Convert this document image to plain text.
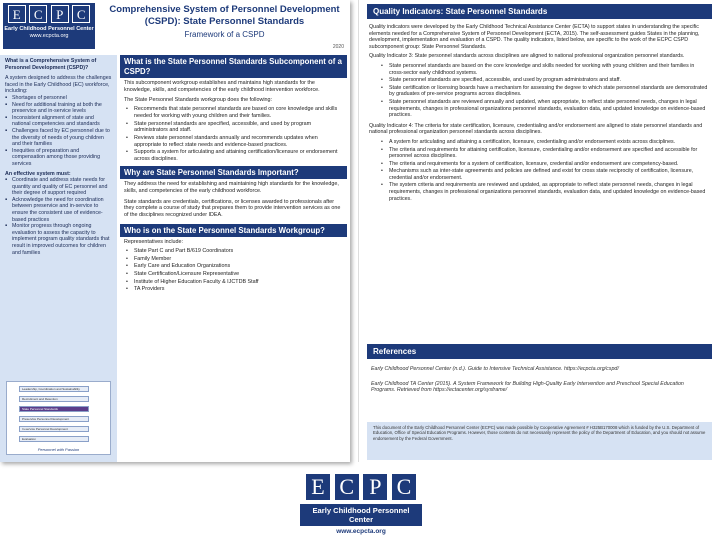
E	C	P	C
Early Childhood Personnel Center
www.ecpcta.org
Comprehensive System of Personnel Development (CSPD): State Personnel Standards
Framework of a CSPD
2020
What is a Comprehensive System of Personnel Development (CSPD)?
A system designed to address the challenges faced in the Early Childhood (EC) workforce, including:
▪ Shortages of personnel
▪ Need for additional training at both the preservice and in-service levels
▪ Inconsistent alignment of state and national competencies and standards
▪ Challenges faced by EC personnel due to the diversity of needs of young children and their families
▪ Inequities of preparation and compensation among those providing services
An effective system must:
▪ Coordinate and address state needs for quantity and quality of EC personnel and their degree of support required
▪ Acknowledge the need for coordination between preservice and in-service to ensure the consistent use of evidence-based practices
▪ Monitor progress through ongoing evaluation to assess the capacity to implement program quality standards that result in improved outcomes for children and families
Leadership, Coordination and Sustainability
Recruitment and Retention
State Personnel Standards
Preservice Personnel Development
In-service Personnel Development
Evaluation
Personnel with Passion
What is the State Personnel Standards Subcomponent of a CSPD?
This subcomponent workgroup establishes and maintains high standards for the knowledge, skills, and competencies of the early childhood intervention workforce.
The State Personnel Standards workgroup does the following:
• Recommends that state personnel standards are based on core knowledge and skills needed for working with young children and their families.
• State personnel standards are specified, accessible, and used by program administrators and staff.
• Reviews state personnel standards annually and recommends updates when appropriate to reflect state needs and evidence-based practices.
• Supports a system for articulating and attaining certification/licensure or endorsement across disciplines.
Why are State Personnel Standards Important?
They address the need for establishing and maintaining high standards for the knowledge, skills, and competencies of the early childhood workforce.
State standards are credentials, certifications, or licenses awarded to professionals after they complete a course of study that prepares them to provide intervention services as one of the disciplines recognized under IDEA.
Who is on the State Personnel Standards Workgroup?
Representatives include:
• State Part C and Part B/619 Coordinators
• Family Member
• Early Care and Education Organizations
• State Certification/Licensure Representative
• Institute of Higher Education Faculty & IJCTDB Staff
• TA Providers
Quality Indicators: State Personnel Standards

Quality indicators were developed by the Early Childhood Technical Assistance Center (ECTA) to support states in understanding the specific elements needed for a Comprehensive System of Personnel Development (ECTA, 2015). The self-assessment guides States in the planning, development, implementation and evaluation of a CSPD. The quality indicators, listed below, are specific to the work of the ECPC CSPD subcomponent group: State Personnel Standards.

Quality Indicator 3: State personnel standards across disciplines are aligned to national professional organization personnel standards.

• State personnel standards are based on the core knowledge and skills needed for working with young children and their families in cross-sector early childhood systems.
• State personnel standards are specified, accessible, and used by program administrators and staff.
• State certification or licensing boards have a mechanism for assessing the degree to which state personnel standards are demonstrated by graduates of pre-service programs across disciplines.
• State personnel standards are reviewed annually and updated, when appropriate, to reflect state personnel needs, changes in legal requirements, changes in professional organizations personnel standards, evaluation data, and updated knowledge on evidence-based practices.

Quality Indicator 4: The criteria for state certification, licensure, credentialing and/or endorsement are aligned to state personnel standards and national professional organization personnel standards across disciplines.

• A system for articulating and attaining a certification, licensure, credentialing and/or endorsement exists across disciplines.
• The criteria and requirements for attaining certification, licensure, credentialing and/or endorsement are specified and accessible for personnel across disciplines.
• The criteria and requirements for a system of certification, licensure, credential and/or endorsement are competency-based.
• Mechanisms such as inter-state agreements and policies are defined and exist for cross state reciprocity of certification, licensure, credential and/or endorsement.
• The system criteria and requirements are reviewed and updated, as appropriate to reflect state personnel needs, changes in legal requirements, changes in professional organizations personnel standards, evaluation data, and updated knowledge on evidence-based practices.
References

Early Childhood Personnel Center (n.d.). Guide to Intensive Technical Assistance. https://ecpcta.org/cspd/

Early Childhood TA Center (2015). A System Framework for Building High-Quality Early Intervention and Preschool Special Education Programs. Retrieved from https://ectacenter.org/sysframe/

This document of the Early Childhood Personnel Center (ECPC) was made possible by Cooperative Agreement # H325B170008 which is funded by the U.S. Department of Education, Office of Special Education Programs. However, those contents do not necessarily represent the policy of the Department of Education, and you should not assume endorsement by the Federal Government.
E C P C
Early Childhood Personnel Center
www.ecpcta.org
